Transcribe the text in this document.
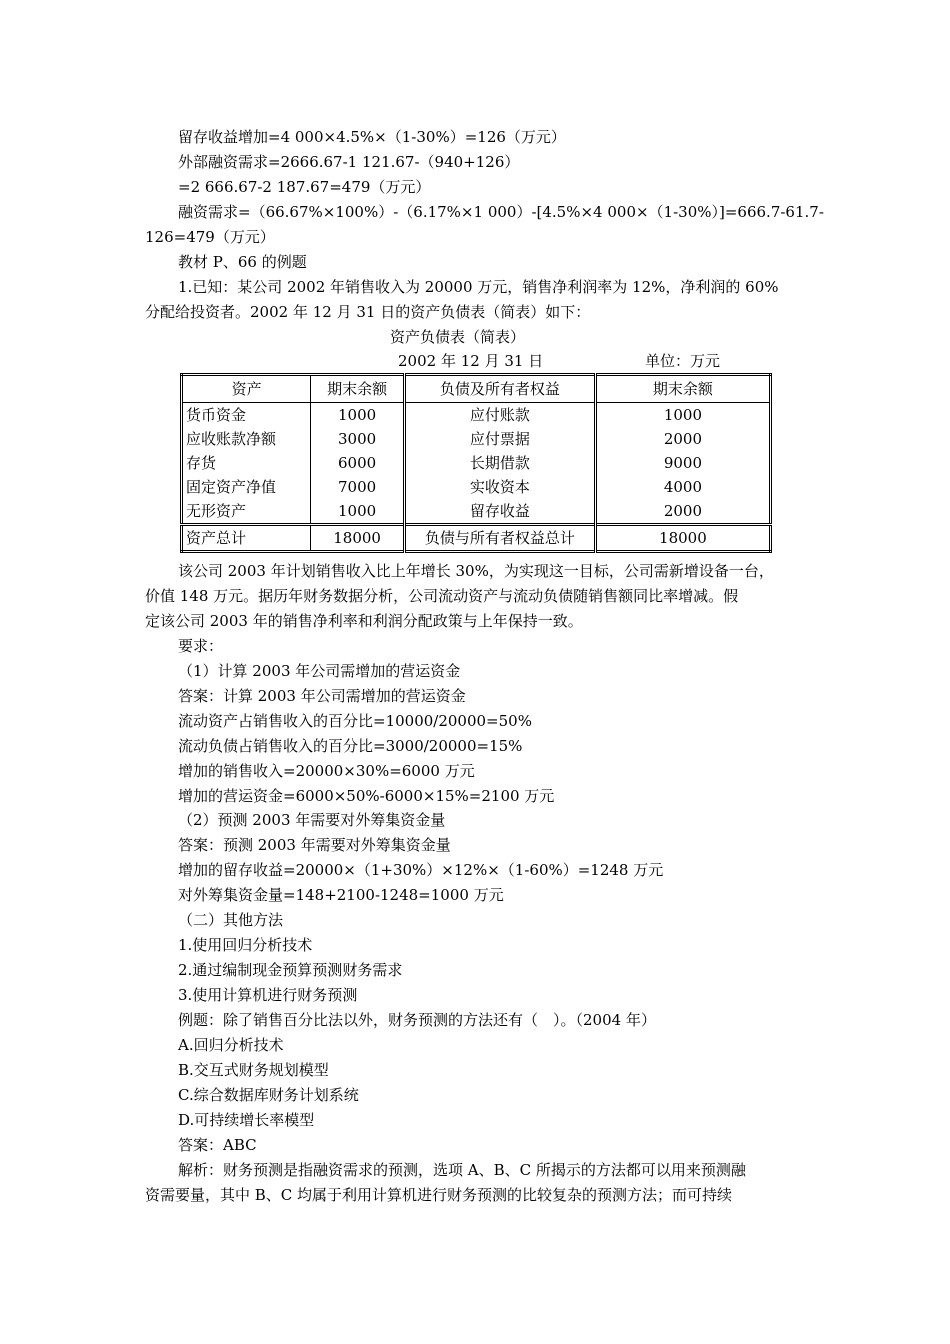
留存收益增加=4 000×4.5%×（1-30%）=126（万元）
外部融资需求=2666.67-1 121.67-（940+126）
=2 666.67-2 187.67=479（万元）
融资需求=（66.67%×100%）-（6.17%×1 000）-[4.5%×4 000×（1-30%）]=666.7-61.7-
126=479（万元）
教材 P、66 的例题
1.已知：某公司 2002 年销售收入为 20000 万元，销售净利润率为 12%，净利润的 60%
分配给投资者。2002 年 12 月 31 日的资产负债表（简表）如下：
资产负债表（简表）
2002 年 12 月 31 日	单位：万元
资产	期末余额	负债及所有者权益	期末余额
货币资金	1000	应付账款	1000
应收账款净额	3000	应付票据	2000
存货	6000	长期借款	9000
固定资产净值	7000	实收资本	4000
无形资产	1000	留存收益	2000
资产总计	18000	负债与所有者权益总计	18000
该公司 2003 年计划销售收入比上年增长 30%，为实现这一目标，公司需新增设备一台，
价值 148 万元。据历年财务数据分析，公司流动资产与流动负债随销售额同比率增减。假
定该公司 2003 年的销售净利率和利润分配政策与上年保持一致。
要求：
（1）计算 2003 年公司需增加的营运资金
答案：计算 2003 年公司需增加的营运资金
流动资产占销售收入的百分比=10000/20000=50%
流动负债占销售收入的百分比=3000/20000=15%
增加的销售收入=20000×30%=6000 万元
增加的营运资金=6000×50%-6000×15%=2100 万元
（2）预测 2003 年需要对外筹集资金量
答案：预测 2003 年需要对外筹集资金量
增加的留存收益=20000×（1+30%）×12%×（1-60%）=1248 万元
对外筹集资金量=148+2100-1248=1000 万元
（二）其他方法
1.使用回归分析技术
2.通过编制现金预算预测财务需求
3.使用计算机进行财务预测
例题：除了销售百分比法以外，财务预测的方法还有（　）。（2004 年）
A.回归分析技术
B.交互式财务规划模型
C.综合数据库财务计划系统
D.可持续增长率模型
答案：ABC
解析：财务预测是指融资需求的预测，选项 A、B、C 所揭示的方法都可以用来预测融
资需要量，其中 B、C 均属于利用计算机进行财务预测的比较复杂的预测方法；而可持续
